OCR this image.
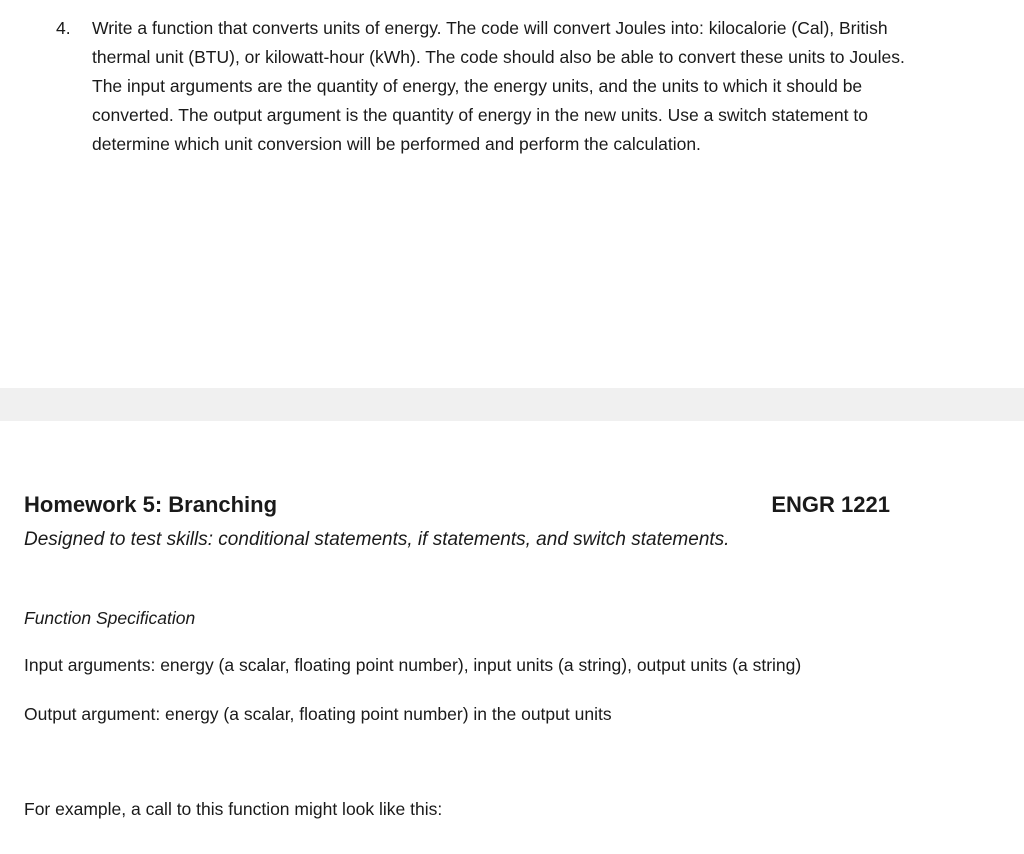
4.	Write a function that converts units of energy. The code will convert Joules into: kilocalorie (Cal), British thermal unit (BTU), or kilowatt-hour (kWh). The code should also be able to convert these units to Joules. The input arguments are the quantity of energy, the energy units, and the units to which it should be converted. The output argument is the quantity of energy in the new units. Use a switch statement to determine which unit conversion will be performed and perform the calculation.

Homework 5: Branching	ENGR 1221

Designed to test skills: conditional statements, if statements, and switch statements.

Function Specification

Input arguments: energy (a scalar, floating point number), input units (a string), output units (a string)

Output argument: energy (a scalar, floating point number) in the output units

For example, a call to this function might look like this:
